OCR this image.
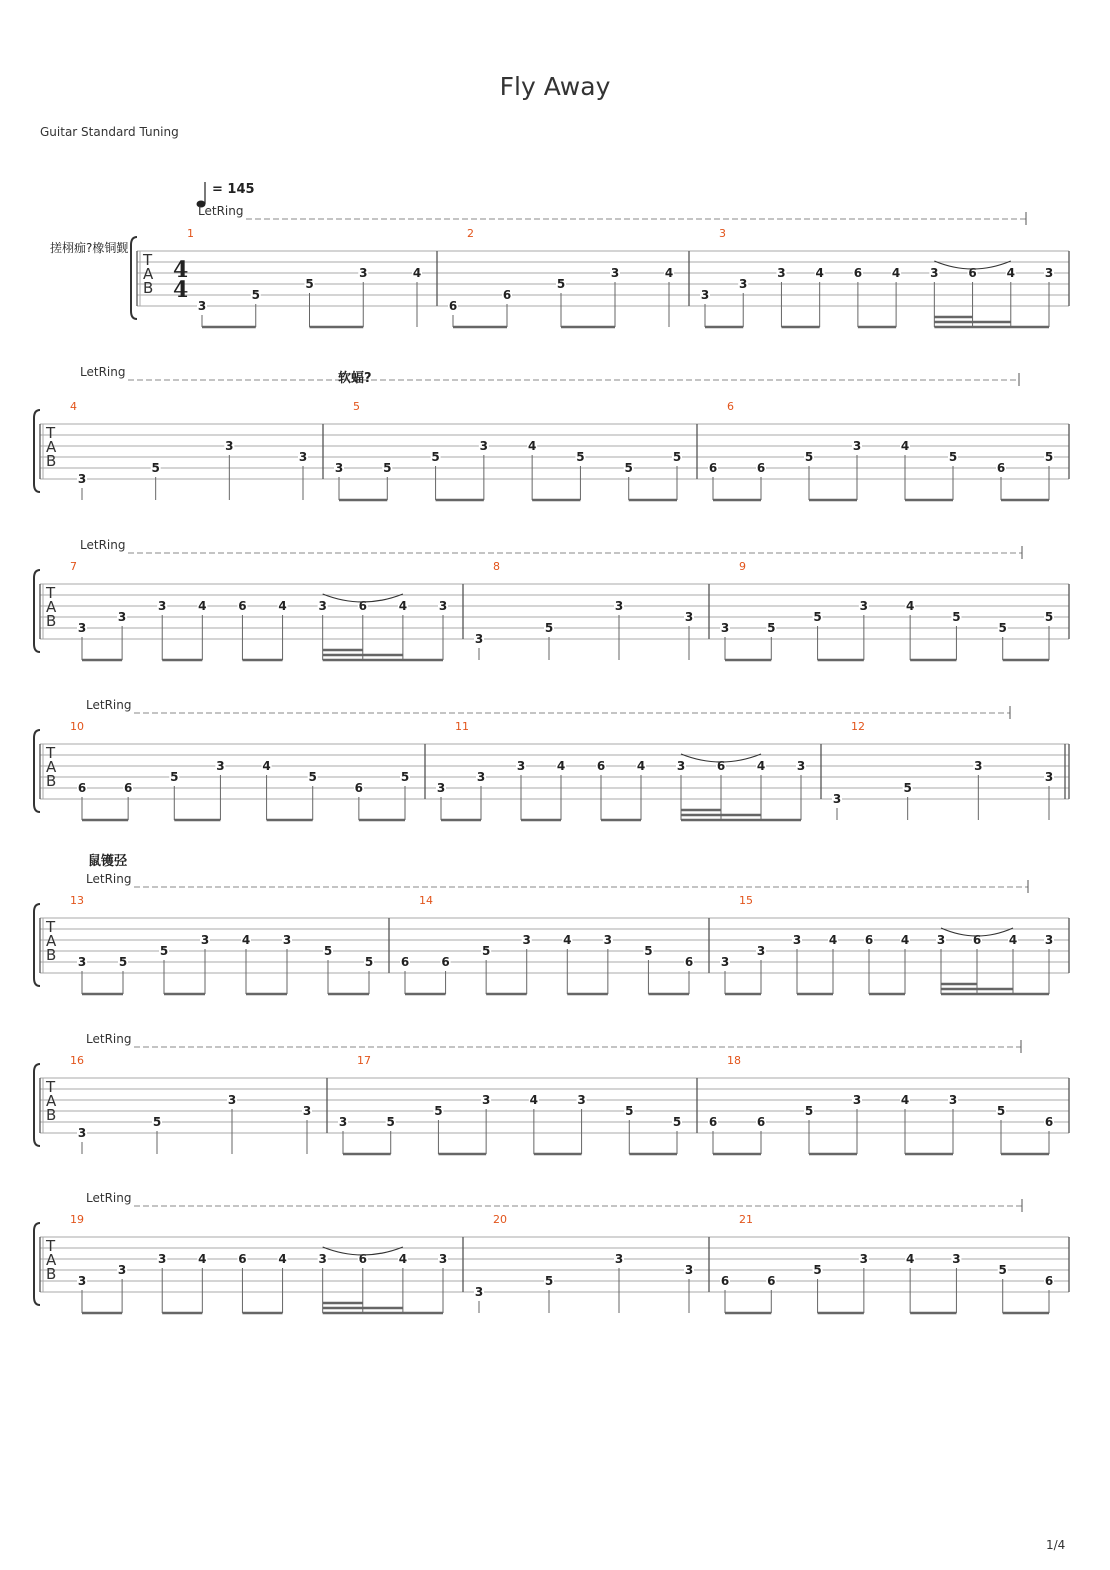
Fly Away
Guitar Standard Tuning
1/4
T
A
B
4
4
搓栩痂?橡铜觐
= 145
LetRing
1
3
5
5
3	4
2
6
6
5
3	4
3
3
3
3 4 6 4 3 6 4 3
T
A
B
LetRing
4
3
5
3
3
5
3	5
5
3	4
5
5
5
6
6	6
5
3	4
5
6
5
软蝠?
T
A
B
LetRing
7
3
3
3	4	6	4	3	6	4	3
8
3
5
3
3
9
3	5
5
3	4
5
5
5
T
A
B
LetRing
10
6	6
5
3	4
5
6
5
11
3
3
3	4	6	4	3	6	4	3
12
3
5
3
3
T
A
B
LetRing
13
3	5
5
3	4	3
5
5
14
6	6
5
3	4	3
5
6
15
3
3
3 4 6 4 3 6 4 3
鼠镬弪
T
A
B
LetRing
16
3
5
3
3
17
3	5
5
3	4	3
5
5
18
6	6
5
3	4	3
5
6
T
A
B
LetRing
19
3
3
3	4	6	4	3	6	4	3
20
3
5
3
3
21
6	6
5
3	4	3
5
6
